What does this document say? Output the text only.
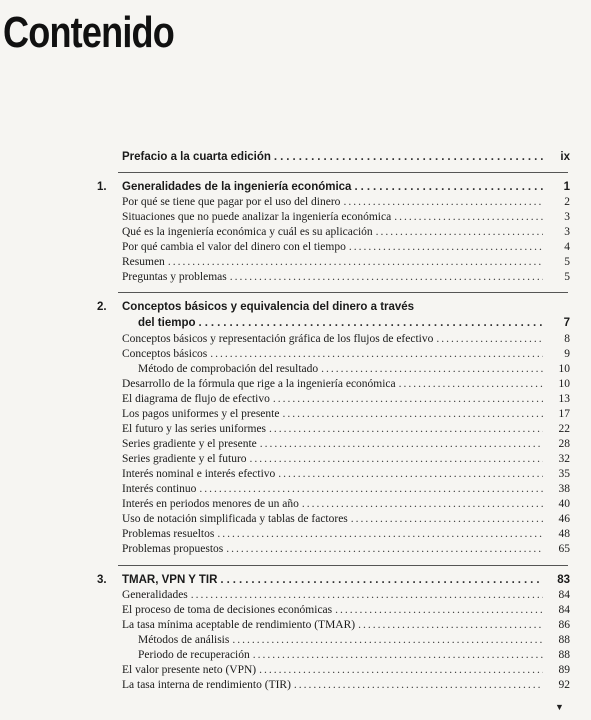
Contenido
Prefacio a la cuarta edición .....	ix
1. Generalidades de la ingeniería económica .....	1
Por qué se tiene que pagar por el uso del dinero .....	2
Situaciones que no puede analizar la ingeniería económica .....	3
Qué es la ingeniería económica y cuál es su aplicación .....	3
Por qué cambia el valor del dinero con el tiempo .....	4
Resumen .....	5
Preguntas y problemas .....	5
2. Conceptos básicos y equivalencia del dinero a través
del tiempo .....	7
Conceptos básicos y representación gráfica de los flujos de efectivo .....	8
Conceptos básicos .....	9
Método de comprobación del resultado .....	10
Desarrollo de la fórmula que rige a la ingeniería económica .....	10
El diagrama de flujo de efectivo .....	13
Los pagos uniformes y el presente .....	17
El futuro y las series uniformes .....	22
Series gradiente y el presente .....	28
Series gradiente y el futuro .....	32
Interés nominal e interés efectivo .....	35
Interés continuo .....	38
Interés en periodos menores de un año .....	40
Uso de notación simplificada y tablas de factores .....	46
Problemas resueltos .....	48
Problemas propuestos .....	65
3. TMAR, VPN Y TIR .....	83
Generalidades .....	84
El proceso de toma de decisiones económicas .....	84
La tasa mínima aceptable de rendimiento (TMAR) .....	86
Métodos de análisis .....	88
Periodo de recuperación .....	88
El valor presente neto (VPN) .....	89
La tasa interna de rendimiento (TIR) .....	92
▼
